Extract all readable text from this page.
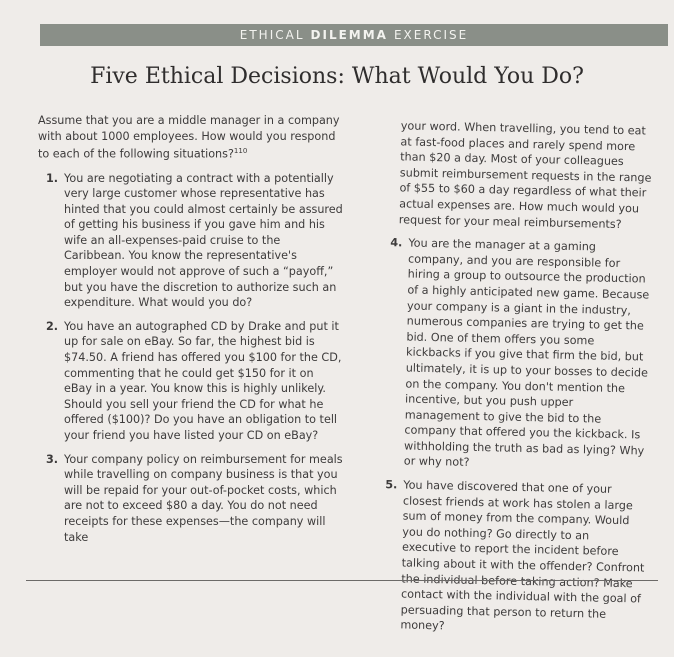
ETHICAL DILEMMA EXERCISE
Five Ethical Decisions: What Would You Do?

Assume that you are a middle manager in a company with about 1000 employees. How would you respond to each of the following situations?$^{110}$

1. You are negotiating a contract with a potentially very large customer whose representative has hinted that you could almost certainly be assured of getting his business if you gave him and his wife an all-expenses-paid cruise to the Caribbean. You know the representative's employer would not approve of such a “payoff,” but you have the discretion to authorize such an expenditure. What would you do?
2. You have an autographed CD by Drake and put it up for sale on eBay. So far, the highest bid is $74.50. A friend has offered you $100 for the CD, commenting that he could get $150 for it on eBay in a year. You know this is highly unlikely. Should you sell your friend the CD for what he offered ($100)? Do you have an obligation to tell your friend you have listed your CD on eBay?
3. Your company policy on reimbursement for meals while travelling on company business is that you will be repaid for your out-of-pocket costs, which are not to exceed $80 a day. You do not need receipts for these expenses—the company will take

your word. When travelling, you tend to eat at fast-food places and rarely spend more than $20 a day. Most of your colleagues submit reimbursement requests in the range of $55 to $60 a day regardless of what their actual expenses are. How much would you request for your meal reimbursements?

4. You are the manager at a gaming company, and you are responsible for hiring a group to outsource the production of a highly anticipated new game. Because your company is a giant in the industry, numerous companies are trying to get the bid. One of them offers you some kickbacks if you give that firm the bid, but ultimately, it is up to your bosses to decide on the company. You don't mention the incentive, but you push upper management to give the bid to the company that offered you the kickback. Is withholding the truth as bad as lying? Why or why not?
5. You have discovered that one of your closest friends at work has stolen a large sum of money from the company. Would you do nothing? Go directly to an executive to report the incident before talking about it with the offender? Confront the individual before taking action? Make contact with the individual with the goal of persuading that person to return the money?
